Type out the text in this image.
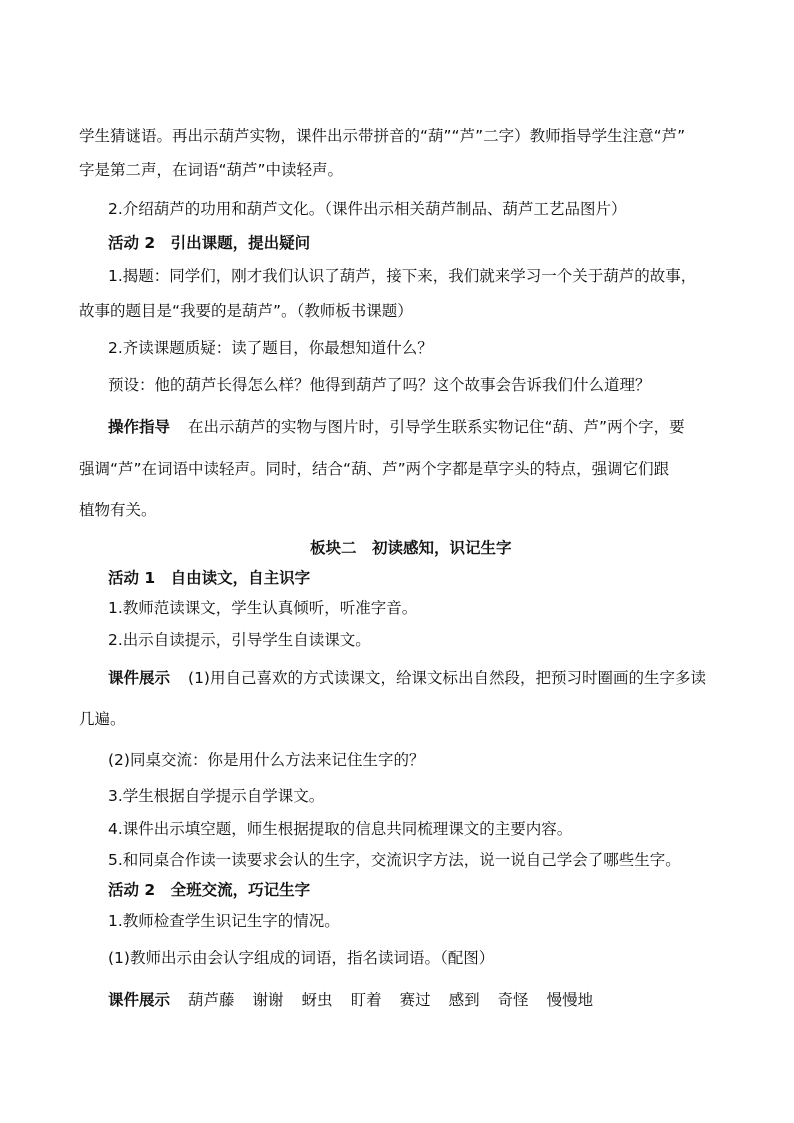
学生猜谜语。再出示葫芦实物，课件出示带拼音的“葫”“芦”二字）教师指导学生注意“芦”
字是第二声，在词语“葫芦”中读轻声。
2.介绍葫芦的功用和葫芦文化。（课件出示相关葫芦制品、葫芦工艺品图片）
活动 2　引出课题，提出疑问
1.揭题：同学们，刚才我们认识了葫芦，接下来，我们就来学习一个关于葫芦的故事，
故事的题目是“我要的是葫芦”。（教师板书课题）
2.齐读课题质疑：读了题目，你最想知道什么？
预设：他的葫芦长得怎么样？他得到葫芦了吗？这个故事会告诉我们什么道理？
操作指导 在出示葫芦的实物与图片时，引导学生联系实物记住“葫、芦”两个字，要
强调“芦”在词语中读轻声。同时，结合“葫、芦”两个字都是草字头的特点，强调它们跟
植物有关。
板块二　初读感知，识记生字
活动 1　自由读文，自主识字
1.教师范读课文，学生认真倾听，听准字音。
2.出示自读提示，引导学生自读课文。
课件展示 (1)用自己喜欢的方式读课文，给课文标出自然段，把预习时圈画的生字多读
几遍。
(2)同桌交流：你是用什么方法来记住生字的？
3.学生根据自学提示自学课文。
4.课件出示填空题，师生根据提取的信息共同梳理课文的主要内容。
5.和同桌合作读一读要求会认的生字，交流识字方法，说一说自己学会了哪些生字。
活动 2　全班交流，巧记生字
1.教师检查学生识记生字的情况。
(1)教师出示由会认字组成的词语，指名读词语。（配图）
课件展示 葫芦藤 谢谢 蚜虫 盯着 赛过 感到 奇怪 慢慢地
